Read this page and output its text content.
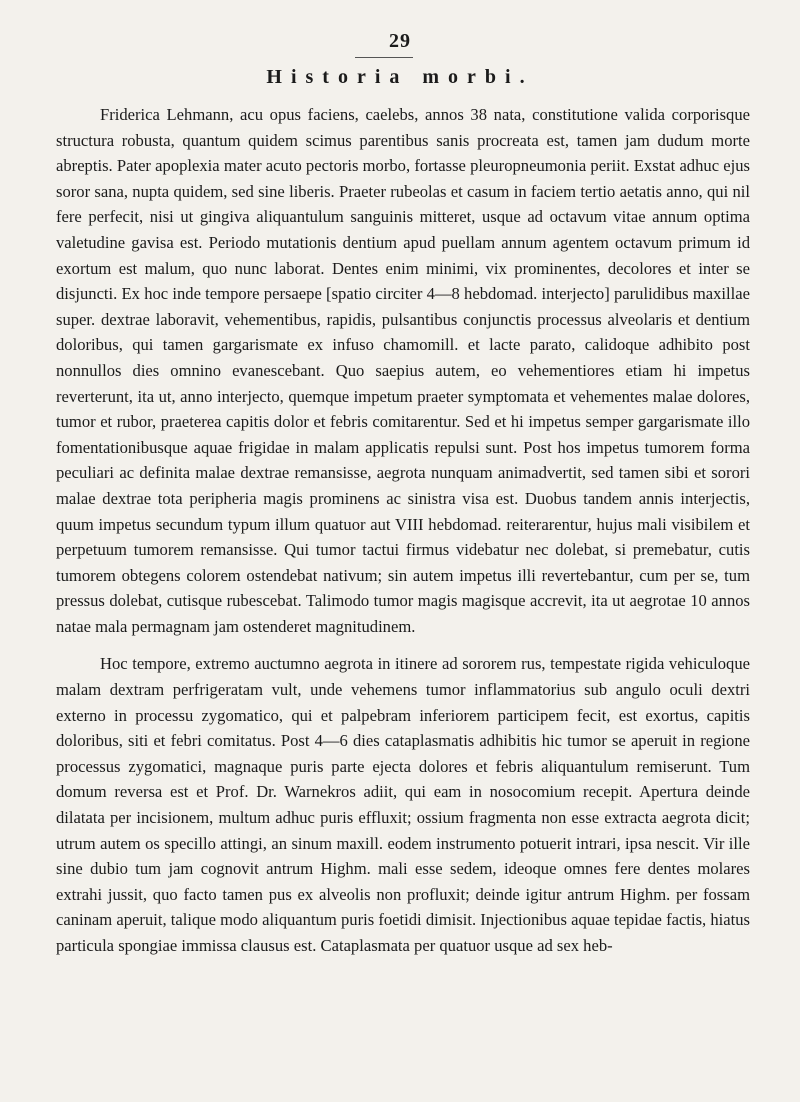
29
Historia morbi.

Friderica Lehmann, acu opus faciens, caelebs, annos 38 nata, constitutione valida corporisque structura robusta, quantum quidem scimus parentibus sanis procreata est, tamen jam dudum morte abreptis. Pater apoplexia mater acuto pectoris morbo, fortasse pleuropneumonia periit. Exstat adhuc ejus soror sana, nupta quidem, sed sine liberis. Praeter rubeolas et casum in faciem tertio aetatis anno, qui nil fere perfecit, nisi ut gingiva aliquantulum sanguinis mitteret, usque ad octavum vitae annum optima valetudine gavisa est. Periodo mutationis dentium apud puellam annum agentem octavum primum id exortum est malum, quo nunc laborat. Dentes enim minimi, vix prominentes, decolores et inter se disjuncti. Ex hoc inde tempore persaepe [spatio circiter 4—8 hebdomad. interjecto] parulidibus maxillae super. dextrae laboravit, vehementibus, rapidis, pulsantibus conjunctis processus alveolaris et dentium doloribus, qui tamen gargarismate ex infuso chamomill. et lacte parato, calidoque adhibito post nonnullos dies omnino evanescebant. Quo saepius autem, eo vehementiores etiam hi impetus reverterunt, ita ut, anno interjecto, quemque impetum praeter symptomata et vehementes malae dolores, tumor et rubor, praeterea capitis dolor et febris comitarentur. Sed et hi impetus semper gargarismate illo fomentationibusque aquae frigidae in malam applicatis repulsi sunt. Post hos impetus tumorem forma peculiari ac definita malae dextrae remansisse, aegrota nunquam animadvertit, sed tamen sibi et sorori malae dextrae tota peripheria magis prominens ac sinistra visa est. Duobus tandem annis interjectis, quum impetus secundum typum illum quatuor aut VIII hebdomad. reiterarentur, hujus mali visibilem et perpetuum tumorem remansisse. Qui tumor tactui firmus videbatur nec dolebat, si premebatur, cutis tumorem obtegens colorem ostendebat nativum; sin autem impetus illi revertebantur, cum per se, tum pressus dolebat, cutisque rubescebat. Talimodo tumor magis magisque accrevit, ita ut aegrotae 10 annos natae mala permagnam jam ostenderet magnitudinem.

Hoc tempore, extremo auctumno aegrota in itinere ad sororem rus, tempestate rigida vehiculoque malam dextram perfrigeratam vult, unde vehemens tumor inflammatorius sub angulo oculi dextri externo in processu zygomatico, qui et palpebram inferiorem participem fecit, est exortus, capitis doloribus, siti et febri comitatus. Post 4—6 dies cataplasmatis adhibitis hic tumor se aperuit in regione processus zygomatici, magnaque puris parte ejecta dolores et febris aliquantulum remiserunt. Tum domum reversa est et Prof. Dr. Warnekros adiit, qui eam in nosocomium recepit. Apertura deinde dilatata per incisionem, multum adhuc puris effluxit; ossium fragmenta non esse extracta aegrota dicit; utrum autem os specillo attingi, an sinum maxill. eodem instrumento potuerit intrari, ipsa nescit. Vir ille sine dubio tum jam cognovit antrum Highm. mali esse sedem, ideoque omnes fere dentes molares extrahi jussit, quo facto tamen pus ex alveolis non profluxit; deinde igitur antrum Highm. per fossam caninam aperuit, talique modo aliquantum puris foetidi dimisit. Injectionibus aquae tepidae factis, hiatus particula spongiae immissa clausus est. Cataplasmata per quatuor usque ad sex heb-
